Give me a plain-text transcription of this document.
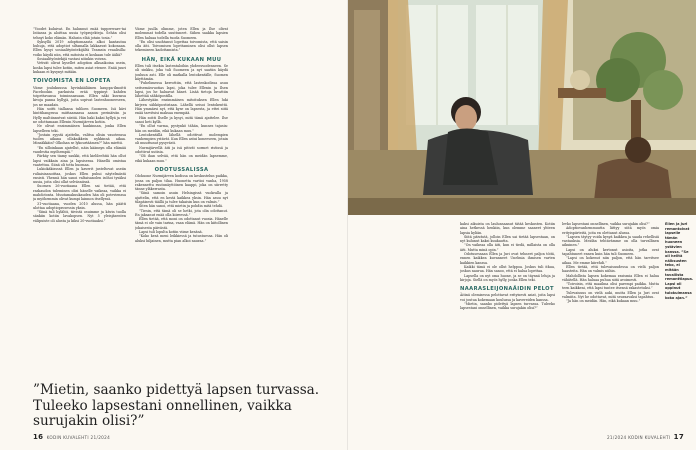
”Voodet kuluivat. En halunnut enää tupperware-tai Intiassa ja aloittaa uusia työprojekteja. Sehän olisi tehnyt koko elämän. Halusin elää jotain tosia.”

Syksyllä 2019 adoptiomaasta alkoi kantautua huhuja, että adoptiot siltamalla lakkaavat kokonaan. Ellen kysyi sosiaalityöntekijältä Teamsin reaalisilla: voiko käydä niin, että mitoista ei koskaan tule ääliä?

Sosiaalityöntekijä vastasi nöinkin voivan.

Vetivät olivat kysellet adoption alkuaikoina usein, koska lapsi tulee kotiin, miten asiat etenee. Enää juuri kukaan ei kysynyt mitään.

TOIVOMISTA EN LOPETA

Viime joulukuussa hyvinkääläinen kauppa-ilmoitti Facebookin parkuista erää typpinyt kahden toipettavansa toiminnassaan. Ellen näki kuvassa kivoja panna hyllyjä, joita sopivat lastenhuoneeseen, jos ne maadais.

Hän soitti tiallansa tuliloen Suomeen. Isä kävi hinttihangessa miittaamassa aanon perinäivän ja Hylly maltiinnutvat siistiä. Hän baki kaksi hyllyä ja vei ne odottamaan Ellenin Nurmijärven kotiin.

Ne olivat ensimmäisen hankinnan, jonka Ellen lapselleen teki.

”Jostain syystä ajattelin, valitsa olisin vasotenssa tuolen aikana ollakaikkein nykkinnä aikaa. Minsäkkäin? Olkohan se lykourtäämen?” hän miettii.

”En silloinkaan ajatellut, näin käännyn olla elämää vaudestia myöhempiä.”

Pärkäy sen tiamy saukki, että kielileehtiä hän ollut lapsi vaikkain aina ja lapsisessa. Hänellä omistaa vaatettua. Siinä oli totta huomaa.

Lukiokäkissssä Ellen ja kaverit justeltovat aseiin ruliaisisanoittaa, joskus Ellen puhui näytelmästä ensisti. Yhennä hän sanoi valtaisanolen isöhoi tysäksi uusia, joita olisi ollat selväsniissä.

Suomen 26-vuotiaana Ellen sai tietää, että raskaudon tuleminen olisi hänelle vaikeaa, vaikka ei mahdotonta. Muutamakuukauden hän oli potevienssa ja myöhemmin olivat kumpi lainnon itsellyssä.

31-vuotiaana, vuoden 2010 alussa, hän päätti ulottaa adoptioprosessin yksin.

”Siinä tuli hylähti, tiivistä osuimme ja kävin tuolla sänkiin kotiin lavakopsen. Nyt 5 yleisjäsenten välipuiste oli alusta ja kiksi 20-vuotiaaksi.”

Viime juulla olimme, joten Ellen ja Ilse olivat molemmat todella suuttuneet. Siihen saakka lapsien Ellen haluaa todella tuoda Suomeen.

”En olisi unohtanut lopettaa toivomista, että saisin olla äiti. Toivomisen lopettaminen olisi ollut lapsen tekemiseen kadottamista.”

HÄN, EIKÄ KUKAAN MUU

Ellen tuli itsekin lastentaloihin yhdenvuodenneen. Se oli sinkku, joka tuli Suomeen ja nyt saatiin käydä jouluun asti. Elle oli matkalla lentokentälle, Suomen käyttämän.

”Puhelimessa kerrottiin, että lastenkodissa asuu seitsemäsvuotias lapsi, joka tulee Ellenin ja Ilsen lapsi, jos he haluavat hänet. Lisää tietoja luvattiin lähettää sähköpostilla.

Lähestyään ensimmäisen mitoituksen Ellen luki kirjeen sähköpostistaan. Lähellä seisoi lentokenttä. Hän ymmärsi nyt, että kyse on lapsesta, ja ettei siitä enää tarvitsisi maksaa enempää.

Hän soitti Ilselle ja kysyi, mitä tämä ajattelee. Ilse sanoi heti kyllä.

”En ollut varma, pystynkö tähän, kunnes tajusin: hän on meidän, eikä kukaan muu.”

Lentokentällä lähellä odottivat molempien vanhempien ystävät. Kun Ellen astui koneeseen, jotain oli muuttunut pysyvästi.

Nurmijärvellä äiti ja isä pitivät sormet ristissä ja odottivat uutisia.

”Oli ihan selvää, että hän on meidän lapsemme, eikä kukaan muu.”

ODOTUSSALISSA

Olohuone Nurmijärven kodissa on keskustelun paikka, jossa on paljon tilaa. Huonetta vartioi vanha, 1958 rakennettu ruutunäyttöinen kaappi, joka on siirretty tänne yläkerrasta.

”Siinä samoin asuin Helsingissä vuokralla ja ajattelin, että en kestä kaikkea yksin. Hän asuu nyt tilapäisesti täällä ja tulee takaisin kun on valmis.”

Siten hän sanoi, että mietin ja pohdin mitä tehdä.

”Tiesin, että tämä oli se hetki, jota olin odottanut. En jaksanut enää olla kiireessä.”

Ellen tietää, että moni on odottanut vuosia. Hänelle tämä ei ole vain tarina, vaan elämä. Hän on kiitollinen jokaisesta päivästä.

Lapsi tuli lopulta kotiin viime kesänä.

”Koko kesä meni leikkiessä ja tutustuessa. Hän oli aluksi hiljainen, mutta pian alkoi nauraa.”

”Mietin, saanko pidettyä lapsen turvassa. Tuleeko lapsestani onnellinen, vaikka surujakin olisi?”
16 KODIN KUVALEHTI 21/2024

kaksi aikuista on laulunsaanut tätää keskusten. Kotiin aina hetkessä henkiin, kun olemme saaneet yhteen lapsia kyliän.

Siitä päivästä, jolloin Ellen sai tietää lapsestaan, on nyt kulunut kaksi kuukautta.

”On vaikeaa olla äiti, kun ei tiedä, millaista on olla äiti. Mutta minä opin.”

Odotusessaan Ellen ja Juri ovat tehneet paljon töitä, ennen kaikkea kuvanneet Unelmia ihmisen varten kaikkien kanssa.

Kaikki tämä ei ole ollut helppoa. Joskus tuli itkua, joskus naurua. Hän sanoo, että ei halua lopettaa.

Lapsella on nyt oma huone, ja se on täynnä leluja ja kirjoja. Siellä on myös hylly, jonka Ellen teki.

NAARASLEIJONAÄIDIN PELOT

Äitinä olemisessa pelottavat erityisesti asiat, joita lapsi voi joutua kokemaan koulussa ja kavereiden kanssa.

”Mietin, saanko pidettyä lapsen turvassa. Tuleeko lapsestani onnellinen, vaikka surujakin olisi?”

levko lapsestani onnellinen, vaikka surujakin olisi?”

Adoptiovanhemmuutta liittyy siitä myös omia erityispiirteitä, joita en olettanut alussa.

”Lapsen täytyy voida kysyä kaikkea ja saada rehellisiä vastauksia. Meidän tehtävämme on olla turvallinen aikuinen.”

Lapsi on aluksi kertonut asioita, jotka ovat tapahtuneet ennen kuin hän tuli Suomeen.

”Lapsi on kokenut niin paljon, että hän tarvitsee aikaa. Me emme kiirehdi.”

Ellen tietää, että tulevaisuudessa on vielä paljon haasteita. Hän on valmis niihin.

Mahdollista lapsen kokemaa rasismia Ellen ei halua vähätellä. Hän haluaa puhua siitä avoimesti.

”Toivoisin, että maailma olisi parempi paikka. Mutta teen kaikkeni, että lapsi tuntee itsensä rakastetuksi.”

Tulevaisuus on vielä auki, mutta Ellen ja Juri ovat valmiita. Nyt he odottavat, mitä seuraavaksi tapahtuu.

”Ja hän on meidän. Hän, eikä kukaan muu.”

Ellen ja Juri remontoivat lapselle tämän huoneen ystävien kanssa. ”Se oli helltä näiksusten teko, ei mitään tavallista remonttiapua. Lapsi oli oppinut tulokulmansa koko ajan.”
21/2024 KODIN KUVALEHTI 17
